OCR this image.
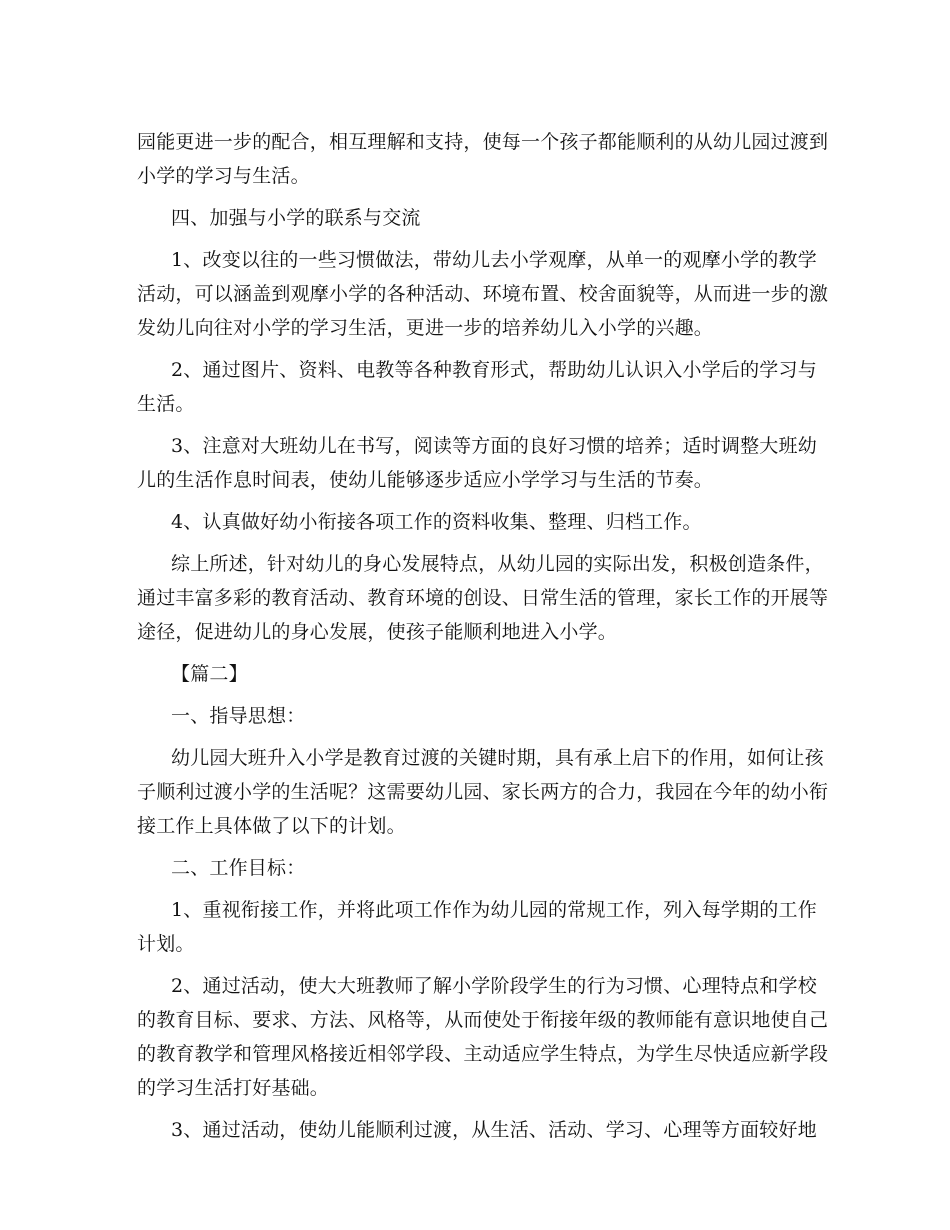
园能更进一步的配合，相互理解和支持，使每一个孩子都能顺利的从幼儿园过渡到
小学的学习与生活。
四、加强与小学的联系与交流
1、改变以往的一些习惯做法，带幼儿去小学观摩，从单一的观摩小学的教学
活动，可以涵盖到观摩小学的各种活动、环境布置、校舍面貌等，从而进一步的激
发幼儿向往对小学的学习生活，更进一步的培养幼儿入小学的兴趣。
2、通过图片、资料、电教等各种教育形式，帮助幼儿认识入小学后的学习与
生活。
3、注意对大班幼儿在书写，阅读等方面的良好习惯的培养；适时调整大班幼
儿的生活作息时间表，使幼儿能够逐步适应小学学习与生活的节奏。
4、认真做好幼小衔接各项工作的资料收集、整理、归档工作。
综上所述，针对幼儿的身心发展特点，从幼儿园的实际出发，积极创造条件，
通过丰富多彩的教育活动、教育环境的创设、日常生活的管理，家长工作的开展等
途径，促进幼儿的身心发展，使孩子能顺利地进入小学。
【篇二】
一、指导思想：
幼儿园大班升入小学是教育过渡的关键时期，具有承上启下的作用，如何让孩
子顺利过渡小学的生活呢？这需要幼儿园、家长两方的合力，我园在今年的幼小衔
接工作上具体做了以下的计划。
二、工作目标：
1、重视衔接工作，并将此项工作作为幼儿园的常规工作，列入每学期的工作
计划。
2、通过活动，使大大班教师了解小学阶段学生的行为习惯、心理特点和学校
的教育目标、要求、方法、风格等，从而使处于衔接年级的教师能有意识地使自己
的教育教学和管理风格接近相邻学段、主动适应学生特点，为学生尽快适应新学段
的学习生活打好基础。
3、通过活动，使幼儿能顺利过渡，从生活、活动、学习、心理等方面较好地
